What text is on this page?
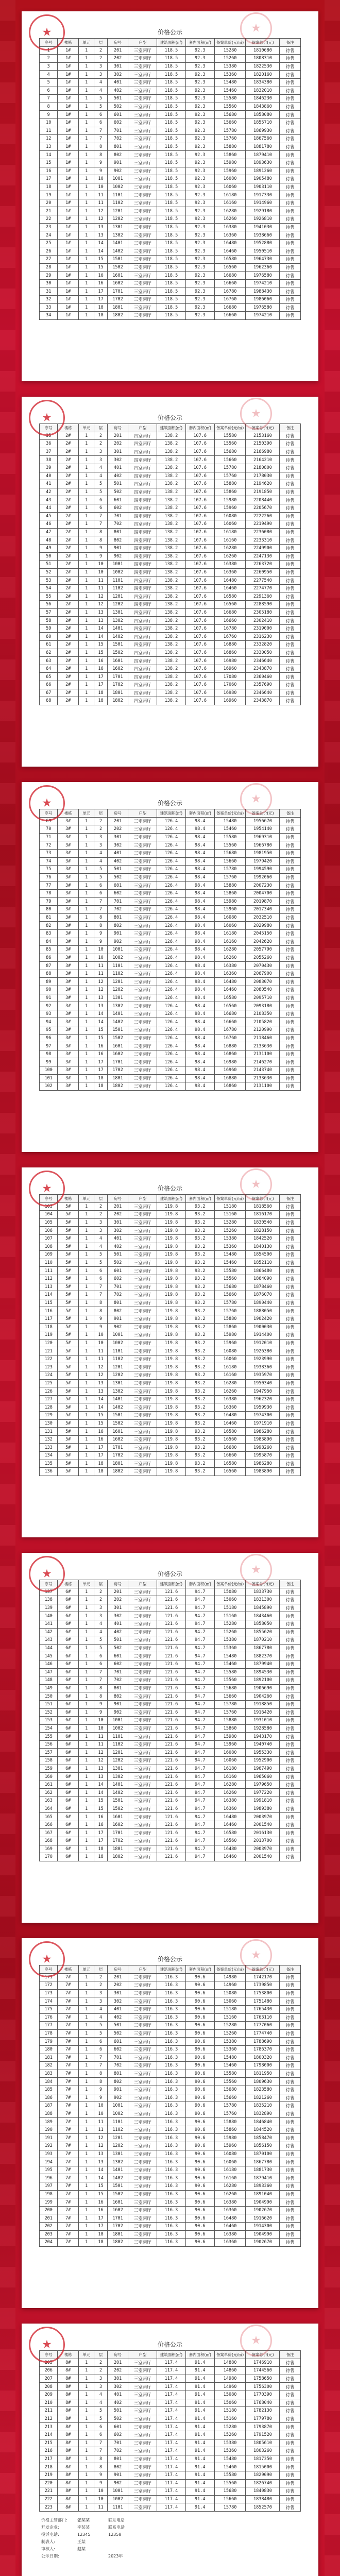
★
★
价格公示
序号	楼栋	单元	层	房号	户型	建筑面积(㎡)	套内面积(㎡)	备案单价(元/㎡)	备案总价(元)	备注
1	1#	1	2	201	三室两厅	118.5	92.3	15280	1810680	待售
2	1#	1	2	202	三室两厅	118.5	92.3	15260	1808310	待售
3	1#	1	3	301	三室两厅	118.5	92.3	15380	1822530	待售
4	1#	1	3	302	三室两厅	118.5	92.3	15360	1820160	待售
5	1#	1	4	401	三室两厅	118.5	92.3	15480	1834380	待售
6	1#	1	4	402	三室两厅	118.5	92.3	15460	1832010	待售
7	1#	1	5	501	三室两厅	118.5	92.3	15580	1846230	待售
8	1#	1	5	502	三室两厅	118.5	92.3	15560	1843860	待售
9	1#	1	6	601	三室两厅	118.5	92.3	15680	1858080	待售
10	1#	1	6	602	三室两厅	118.5	92.3	15660	1855710	待售
11	1#	1	7	701	三室两厅	118.5	92.3	15780	1869930	待售
12	1#	1	7	702	三室两厅	118.5	92.3	15760	1867560	待售
13	1#	1	8	801	三室两厅	118.5	92.3	15880	1881780	待售
14	1#	1	8	802	三室两厅	118.5	92.3	15860	1879410	待售
15	1#	1	9	901	三室两厅	118.5	92.3	15980	1893630	待售
16	1#	1	9	902	三室两厅	118.5	92.3	15960	1891260	待售
17	1#	1	10	1001	三室两厅	118.5	92.3	16080	1905480	待售
18	1#	1	10	1002	三室两厅	118.5	92.3	16060	1903110	待售
19	1#	1	11	1101	三室两厅	118.5	92.3	16180	1917330	待售
20	1#	1	11	1102	三室两厅	118.5	92.3	16160	1914960	待售
21	1#	1	12	1201	三室两厅	118.5	92.3	16280	1929180	待售
22	1#	1	12	1202	三室两厅	118.5	92.3	16260	1926810	待售
23	1#	1	13	1301	三室两厅	118.5	92.3	16380	1941030	待售
24	1#	1	13	1302	三室两厅	118.5	92.3	16360	1938660	待售
25	1#	1	14	1401	三室两厅	118.5	92.3	16480	1952880	待售
26	1#	1	14	1402	三室两厅	118.5	92.3	16460	1950510	待售
27	1#	1	15	1501	三室两厅	118.5	92.3	16580	1964730	待售
28	1#	1	15	1502	三室两厅	118.5	92.3	16560	1962360	待售
29	1#	1	16	1601	三室两厅	118.5	92.3	16680	1976580	待售
30	1#	1	16	1602	三室两厅	118.5	92.3	16660	1974210	待售
31	1#	1	17	1701	三室两厅	118.5	92.3	16780	1988430	待售
32	1#	1	17	1702	三室两厅	118.5	92.3	16760	1986060	待售
33	1#	1	18	1801	三室两厅	118.5	92.3	16680	1976580	待售
34	1#	1	18	1802	三室两厅	118.5	92.3	16660	1974210	待售
★
★
价格公示
序号	楼栋	单元	层	房号	户型	建筑面积(㎡)	套内面积(㎡)	备案单价(元/㎡)	备案总价(元)	备注
35	2#	1	2	201	四室两厅	138.2	107.6	15580	2153160	待售
36	2#	1	2	202	四室两厅	138.2	107.6	15560	2150390	待售
37	2#	1	3	301	四室两厅	138.2	107.6	15680	2166980	待售
38	2#	1	3	302	四室两厅	138.2	107.6	15660	2164210	待售
39	2#	1	4	401	四室两厅	138.2	107.6	15780	2180800	待售
40	2#	1	4	402	四室两厅	138.2	107.6	15760	2178030	待售
41	2#	1	5	501	四室两厅	138.2	107.6	15880	2194620	待售
42	2#	1	5	502	四室两厅	138.2	107.6	15860	2191850	待售
43	2#	1	6	601	四室两厅	138.2	107.6	15980	2208440	待售
44	2#	1	6	602	四室两厅	138.2	107.6	15960	2205670	待售
45	2#	1	7	701	四室两厅	138.2	107.6	16080	2222260	待售
46	2#	1	7	702	四室两厅	138.2	107.6	16060	2219490	待售
47	2#	1	8	801	四室两厅	138.2	107.6	16180	2236080	待售
48	2#	1	8	802	四室两厅	138.2	107.6	16160	2233310	待售
49	2#	1	9	901	四室两厅	138.2	107.6	16280	2249900	待售
50	2#	1	9	902	四室两厅	138.2	107.6	16260	2247130	待售
51	2#	1	10	1001	四室两厅	138.2	107.6	16380	2263720	待售
52	2#	1	10	1002	四室两厅	138.2	107.6	16360	2260950	待售
53	2#	1	11	1101	四室两厅	138.2	107.6	16480	2277540	待售
54	2#	1	11	1102	四室两厅	138.2	107.6	16460	2274770	待售
55	2#	1	12	1201	四室两厅	138.2	107.6	16580	2291360	待售
56	2#	1	12	1202	四室两厅	138.2	107.6	16560	2288590	待售
57	2#	1	13	1301	四室两厅	138.2	107.6	16680	2305180	待售
58	2#	1	13	1302	四室两厅	138.2	107.6	16660	2302410	待售
59	2#	1	14	1401	四室两厅	138.2	107.6	16780	2319000	待售
60	2#	1	14	1402	四室两厅	138.2	107.6	16760	2316230	待售
61	2#	1	15	1501	四室两厅	138.2	107.6	16880	2332820	待售
62	2#	1	15	1502	四室两厅	138.2	107.6	16860	2330050	待售
63	2#	1	16	1601	四室两厅	138.2	107.6	16980	2346640	待售
64	2#	1	16	1602	四室两厅	138.2	107.6	16960	2343870	待售
65	2#	1	17	1701	四室两厅	138.2	107.6	17080	2360460	待售
66	2#	1	17	1702	四室两厅	138.2	107.6	17060	2357690	待售
67	2#	1	18	1801	四室两厅	138.2	107.6	16980	2346640	待售
68	2#	1	18	1802	四室两厅	138.2	107.6	16960	2343870	待售
★
★
价格公示
序号	楼栋	单元	层	房号	户型	建筑面积(㎡)	套内面积(㎡)	备案单价(元/㎡)	备案总价(元)	备注
69	3#	1	2	201	三室两厅	126.4	98.4	15480	1956670	待售
70	3#	1	2	202	三室两厅	126.4	98.4	15460	1954140	待售
71	3#	1	3	301	三室两厅	126.4	98.4	15580	1969310	待售
72	3#	1	3	302	三室两厅	126.4	98.4	15560	1966780	待售
73	3#	1	4	401	三室两厅	126.4	98.4	15680	1981950	待售
74	3#	1	4	402	三室两厅	126.4	98.4	15660	1979420	待售
75	3#	1	5	501	三室两厅	126.4	98.4	15780	1994590	待售
76	3#	1	5	502	三室两厅	126.4	98.4	15760	1992060	待售
77	3#	1	6	601	三室两厅	126.4	98.4	15880	2007230	待售
78	3#	1	6	602	三室两厅	126.4	98.4	15860	2004700	待售
79	3#	1	7	701	三室两厅	126.4	98.4	15980	2019870	待售
80	3#	1	7	702	三室两厅	126.4	98.4	15960	2017340	待售
81	3#	1	8	801	三室两厅	126.4	98.4	16080	2032510	待售
82	3#	1	8	802	三室两厅	126.4	98.4	16060	2029980	待售
83	3#	1	9	901	三室两厅	126.4	98.4	16180	2045150	待售
84	3#	1	9	902	三室两厅	126.4	98.4	16160	2042620	待售
85	3#	1	10	1001	三室两厅	126.4	98.4	16280	2057790	待售
86	3#	1	10	1002	三室两厅	126.4	98.4	16260	2055260	待售
87	3#	1	11	1101	三室两厅	126.4	98.4	16380	2070430	待售
88	3#	1	11	1102	三室两厅	126.4	98.4	16360	2067900	待售
89	3#	1	12	1201	三室两厅	126.4	98.4	16480	2083070	待售
90	3#	1	12	1202	三室两厅	126.4	98.4	16460	2080540	待售
91	3#	1	13	1301	三室两厅	126.4	98.4	16580	2095710	待售
92	3#	1	13	1302	三室两厅	126.4	98.4	16560	2093180	待售
93	3#	1	14	1401	三室两厅	126.4	98.4	16680	2108350	待售
94	3#	1	14	1402	三室两厅	126.4	98.4	16660	2105820	待售
95	3#	1	15	1501	三室两厅	126.4	98.4	16780	2120990	待售
96	3#	1	15	1502	三室两厅	126.4	98.4	16760	2118460	待售
97	3#	1	16	1601	三室两厅	126.4	98.4	16880	2133630	待售
98	3#	1	16	1602	三室两厅	126.4	98.4	16860	2131100	待售
99	3#	1	17	1701	三室两厅	126.4	98.4	16980	2146270	待售
100	3#	1	17	1702	三室两厅	126.4	98.4	16960	2143740	待售
101	3#	1	18	1801	三室两厅	126.4	98.4	16880	2133630	待售
102	3#	1	18	1802	三室两厅	126.4	98.4	16860	2131100	待售
★
★
价格公示
序号	楼栋	单元	层	房号	户型	建筑面积(㎡)	套内面积(㎡)	备案单价(元/㎡)	备案总价(元)	备注
103	5#	1	2	201	三室两厅	119.8	93.2	15180	1818560	待售
104	5#	1	2	202	三室两厅	119.8	93.2	15160	1816170	待售
105	5#	1	3	301	三室两厅	119.8	93.2	15280	1830540	待售
106	5#	1	3	302	三室两厅	119.8	93.2	15260	1828150	待售
107	5#	1	4	401	三室两厅	119.8	93.2	15380	1842520	待售
108	5#	1	4	402	三室两厅	119.8	93.2	15360	1840130	待售
109	5#	1	5	501	三室两厅	119.8	93.2	15480	1854500	待售
110	5#	1	5	502	三室两厅	119.8	93.2	15460	1852110	待售
111	5#	1	6	601	三室两厅	119.8	93.2	15580	1866480	待售
112	5#	1	6	602	三室两厅	119.8	93.2	15560	1864090	待售
113	5#	1	7	701	三室两厅	119.8	93.2	15680	1878460	待售
114	5#	1	7	702	三室两厅	119.8	93.2	15660	1876070	待售
115	5#	1	8	801	三室两厅	119.8	93.2	15780	1890440	待售
116	5#	1	8	802	三室两厅	119.8	93.2	15760	1888050	待售
117	5#	1	9	901	三室两厅	119.8	93.2	15880	1902420	待售
118	5#	1	9	902	三室两厅	119.8	93.2	15860	1900030	待售
119	5#	1	10	1001	三室两厅	119.8	93.2	15980	1914400	待售
120	5#	1	10	1002	三室两厅	119.8	93.2	15960	1912010	待售
121	5#	1	11	1101	三室两厅	119.8	93.2	16080	1926380	待售
122	5#	1	11	1102	三室两厅	119.8	93.2	16060	1923990	待售
123	5#	1	12	1201	三室两厅	119.8	93.2	16180	1938360	待售
124	5#	1	12	1202	三室两厅	119.8	93.2	16160	1935970	待售
125	5#	1	13	1301	三室两厅	119.8	93.2	16280	1950340	待售
126	5#	1	13	1302	三室两厅	119.8	93.2	16260	1947950	待售
127	5#	1	14	1401	三室两厅	119.8	93.2	16380	1962320	待售
128	5#	1	14	1402	三室两厅	119.8	93.2	16360	1959930	待售
129	5#	1	15	1501	三室两厅	119.8	93.2	16480	1974300	待售
130	5#	1	15	1502	三室两厅	119.8	93.2	16460	1971910	待售
131	5#	1	16	1601	三室两厅	119.8	93.2	16580	1986280	待售
132	5#	1	16	1602	三室两厅	119.8	93.2	16560	1983890	待售
133	5#	1	17	1701	三室两厅	119.8	93.2	16680	1998260	待售
134	5#	1	17	1702	三室两厅	119.8	93.2	16660	1995870	待售
135	5#	1	18	1801	三室两厅	119.8	93.2	16580	1986280	待售
136	5#	1	18	1802	三室两厅	119.8	93.2	16560	1983890	待售
★
★
价格公示
序号	楼栋	单元	层	房号	户型	建筑面积(㎡)	套内面积(㎡)	备案单价(元/㎡)	备案总价(元)	备注
137	6#	1	2	201	三室两厅	121.6	94.7	15080	1833730	待售
138	6#	1	2	202	三室两厅	121.6	94.7	15060	1831300	待售
139	6#	1	3	301	三室两厅	121.6	94.7	15180	1845890	待售
140	6#	1	3	302	三室两厅	121.6	94.7	15160	1843460	待售
141	6#	1	4	401	三室两厅	121.6	94.7	15280	1858050	待售
142	6#	1	4	402	三室两厅	121.6	94.7	15260	1855620	待售
143	6#	1	5	501	三室两厅	121.6	94.7	15380	1870210	待售
144	6#	1	5	502	三室两厅	121.6	94.7	15360	1867780	待售
145	6#	1	6	601	三室两厅	121.6	94.7	15480	1882370	待售
146	6#	1	6	602	三室两厅	121.6	94.7	15460	1879940	待售
147	6#	1	7	701	三室两厅	121.6	94.7	15580	1894530	待售
148	6#	1	7	702	三室两厅	121.6	94.7	15560	1892100	待售
149	6#	1	8	801	三室两厅	121.6	94.7	15680	1906690	待售
150	6#	1	8	802	三室两厅	121.6	94.7	15660	1904260	待售
151	6#	1	9	901	三室两厅	121.6	94.7	15780	1918850	待售
152	6#	1	9	902	三室两厅	121.6	94.7	15760	1916420	待售
153	6#	1	10	1001	三室两厅	121.6	94.7	15880	1931010	待售
154	6#	1	10	1002	三室两厅	121.6	94.7	15860	1928580	待售
155	6#	1	11	1101	三室两厅	121.6	94.7	15980	1943170	待售
156	6#	1	11	1102	三室两厅	121.6	94.7	15960	1940740	待售
157	6#	1	12	1201	三室两厅	121.6	94.7	16080	1955330	待售
158	6#	1	12	1202	三室两厅	121.6	94.7	16060	1952900	待售
159	6#	1	13	1301	三室两厅	121.6	94.7	16180	1967490	待售
160	6#	1	13	1302	三室两厅	121.6	94.7	16160	1965060	待售
161	6#	1	14	1401	三室两厅	121.6	94.7	16280	1979650	待售
162	6#	1	14	1402	三室两厅	121.6	94.7	16260	1977220	待售
163	6#	1	15	1501	三室两厅	121.6	94.7	16380	1991810	待售
164	6#	1	15	1502	三室两厅	121.6	94.7	16360	1989380	待售
165	6#	1	16	1601	三室两厅	121.6	94.7	16480	2003970	待售
166	6#	1	16	1602	三室两厅	121.6	94.7	16460	2001540	待售
167	6#	1	17	1701	三室两厅	121.6	94.7	16580	2016130	待售
168	6#	1	17	1702	三室两厅	121.6	94.7	16560	2013700	待售
169	6#	1	18	1801	三室两厅	121.6	94.7	16480	2003970	待售
170	6#	1	18	1802	三室两厅	121.6	94.7	16460	2001540	待售
★
★
价格公示
序号	楼栋	单元	层	房号	户型	建筑面积(㎡)	套内面积(㎡)	备案单价(元/㎡)	备案总价(元)	备注
171	7#	1	2	201	三室两厅	116.3	90.6	14980	1742170	待售
172	7#	1	2	202	三室两厅	116.3	90.6	14960	1739850	待售
173	7#	1	3	301	三室两厅	116.3	90.6	15080	1753800	待售
174	7#	1	3	302	三室两厅	116.3	90.6	15060	1751480	待售
175	7#	1	4	401	三室两厅	116.3	90.6	15180	1765430	待售
176	7#	1	4	402	三室两厅	116.3	90.6	15160	1763110	待售
177	7#	1	5	501	三室两厅	116.3	90.6	15280	1777060	待售
178	7#	1	5	502	三室两厅	116.3	90.6	15260	1774740	待售
179	7#	1	6	601	三室两厅	116.3	90.6	15380	1788690	待售
180	7#	1	6	602	三室两厅	116.3	90.6	15360	1786370	待售
181	7#	1	7	701	三室两厅	116.3	90.6	15480	1800320	待售
182	7#	1	7	702	三室两厅	116.3	90.6	15460	1798000	待售
183	7#	1	8	801	三室两厅	116.3	90.6	15580	1811950	待售
184	7#	1	8	802	三室两厅	116.3	90.6	15560	1809630	待售
185	7#	1	9	901	三室两厅	116.3	90.6	15680	1823580	待售
186	7#	1	9	902	三室两厅	116.3	90.6	15660	1821260	待售
187	7#	1	10	1001	三室两厅	116.3	90.6	15780	1835210	待售
188	7#	1	10	1002	三室两厅	116.3	90.6	15760	1832890	待售
189	7#	1	11	1101	三室两厅	116.3	90.6	15880	1846840	待售
190	7#	1	11	1102	三室两厅	116.3	90.6	15860	1844520	待售
191	7#	1	12	1201	三室两厅	116.3	90.6	15980	1858470	待售
192	7#	1	12	1202	三室两厅	116.3	90.6	15960	1856150	待售
193	7#	1	13	1301	三室两厅	116.3	90.6	16080	1870100	待售
194	7#	1	13	1302	三室两厅	116.3	90.6	16060	1867780	待售
195	7#	1	14	1401	三室两厅	116.3	90.6	16180	1881730	待售
196	7#	1	14	1402	三室两厅	116.3	90.6	16160	1879410	待售
197	7#	1	15	1501	三室两厅	116.3	90.6	16280	1893360	待售
198	7#	1	15	1502	三室两厅	116.3	90.6	16260	1891040	待售
199	7#	1	16	1601	三室两厅	116.3	90.6	16380	1904990	待售
200	7#	1	16	1602	三室两厅	116.3	90.6	16360	1902670	待售
201	7#	1	17	1701	三室两厅	116.3	90.6	16480	1916620	待售
202	7#	1	17	1702	三室两厅	116.3	90.6	16460	1914300	待售
203	7#	1	18	1801	三室两厅	116.3	90.6	16380	1904990	待售
204	7#	1	18	1802	三室两厅	116.3	90.6	16360	1902670	待售
★
★
价格公示
序号	楼栋	单元	层	房号	户型	建筑面积(㎡)	套内面积(㎡)	备案单价(元/㎡)	备案总价(元)	备注
205	8#	1	2	201	三室两厅	117.4	91.4	14880	1746910	待售
206	8#	1	2	202	三室两厅	117.4	91.4	14860	1744560	待售
207	8#	1	3	301	三室两厅	117.4	91.4	14980	1758650	待售
208	8#	1	3	302	三室两厅	117.4	91.4	14960	1756300	待售
209	8#	1	4	401	三室两厅	117.4	91.4	15080	1770390	待售
210	8#	1	4	402	三室两厅	117.4	91.4	15060	1768040	待售
211	8#	1	5	501	三室两厅	117.4	91.4	15180	1782130	待售
212	8#	1	5	502	三室两厅	117.4	91.4	15160	1779780	待售
213	8#	1	6	601	三室两厅	117.4	91.4	15280	1793870	待售
214	8#	1	6	602	三室两厅	117.4	91.4	15260	1791520	待售
215	8#	1	7	701	三室两厅	117.4	91.4	15380	1805610	待售
216	8#	1	7	702	三室两厅	117.4	91.4	15360	1803260	待售
217	8#	1	8	801	三室两厅	117.4	91.4	15480	1817350	待售
218	8#	1	8	802	三室两厅	117.4	91.4	15460	1815000	待售
219	8#	1	9	901	三室两厅	117.4	91.4	15580	1829090	待售
220	8#	1	9	902	三室两厅	117.4	91.4	15560	1826740	待售
221	8#	1	10	1001	三室两厅	117.4	91.4	15680	1840830	待售
222	8#	1	10	1002	三室两厅	117.4	91.4	15660	1838480	待售
223	8#	1	11	1101	三室两厅	117.4	91.4	15780	1852570	待售
价格主管部门:	张某某	联系电话
开发企业:	李某某	联系电话
投诉电话:	12345	12358
制表人:	王某
审核人:	赵某
公示日期:	2023年
